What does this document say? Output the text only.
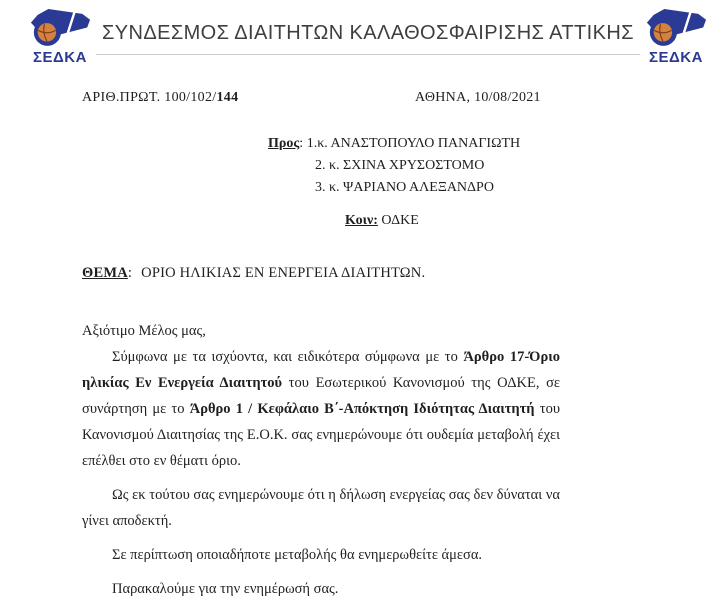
ΣΕΔΚΑ
ΣΥΝΔΕΣΜΟΣ ΔΙΑΙΤΗΤΩΝ ΚΑΛΑΘΟΣΦΑΙΡΙΣΗΣ ΑΤΤΙΚΗΣ
ΣΕΔΚΑ
ΑΡΙΘ.ΠΡΩΤ. 100/102/144	ΑΘΗΝΑ, 10/08/2021
Προς: 1.κ. ΑΝΑΣΤΟΠΟΥΛΟ ΠΑΝΑΓΙΩΤΗ
2. κ. ΣΧΙΝΑ ΧΡΥΣΟΣΤΟΜΟ
3. κ. ΨΑΡΙΑΝΟ ΑΛΕΞΑΝΔΡΟ
Κοιν: ΟΔΚΕ
ΘΕΜΑ: ΟΡΙΟ ΗΛΙΚΙΑΣ ΕΝ ΕΝΕΡΓΕΙΑ ΔΙΑΙΤΗΤΩΝ.

Αξιότιμο Μέλος μας,

Σύμφωνα με τα ισχύοντα, και ειδικότερα σύμφωνα με το Άρθρο 17-Όριο ηλικίας Εν Ενεργεία Διαιτητού του Εσωτερικού Κανονισμού της ΟΔΚΕ, σε συνάρτηση με το Άρθρο 1 / Κεφάλαιο Β΄-Απόκτηση Ιδιότητας Διαιτητή του Κανονισμού Διαιτησίας της Ε.Ο.Κ. σας ενημερώνουμε ότι ουδεμία μεταβολή έχει επέλθει στο εν θέματι όριο.

Ως εκ τούτου σας ενημερώνουμε ότι η δήλωση ενεργείας σας δεν δύναται να γίνει αποδεκτή.

Σε περίπτωση οποιαδήποτε μεταβολής θα ενημερωθείτε άμεσα.

Παρακαλούμε για την ενημέρωσή σας.
